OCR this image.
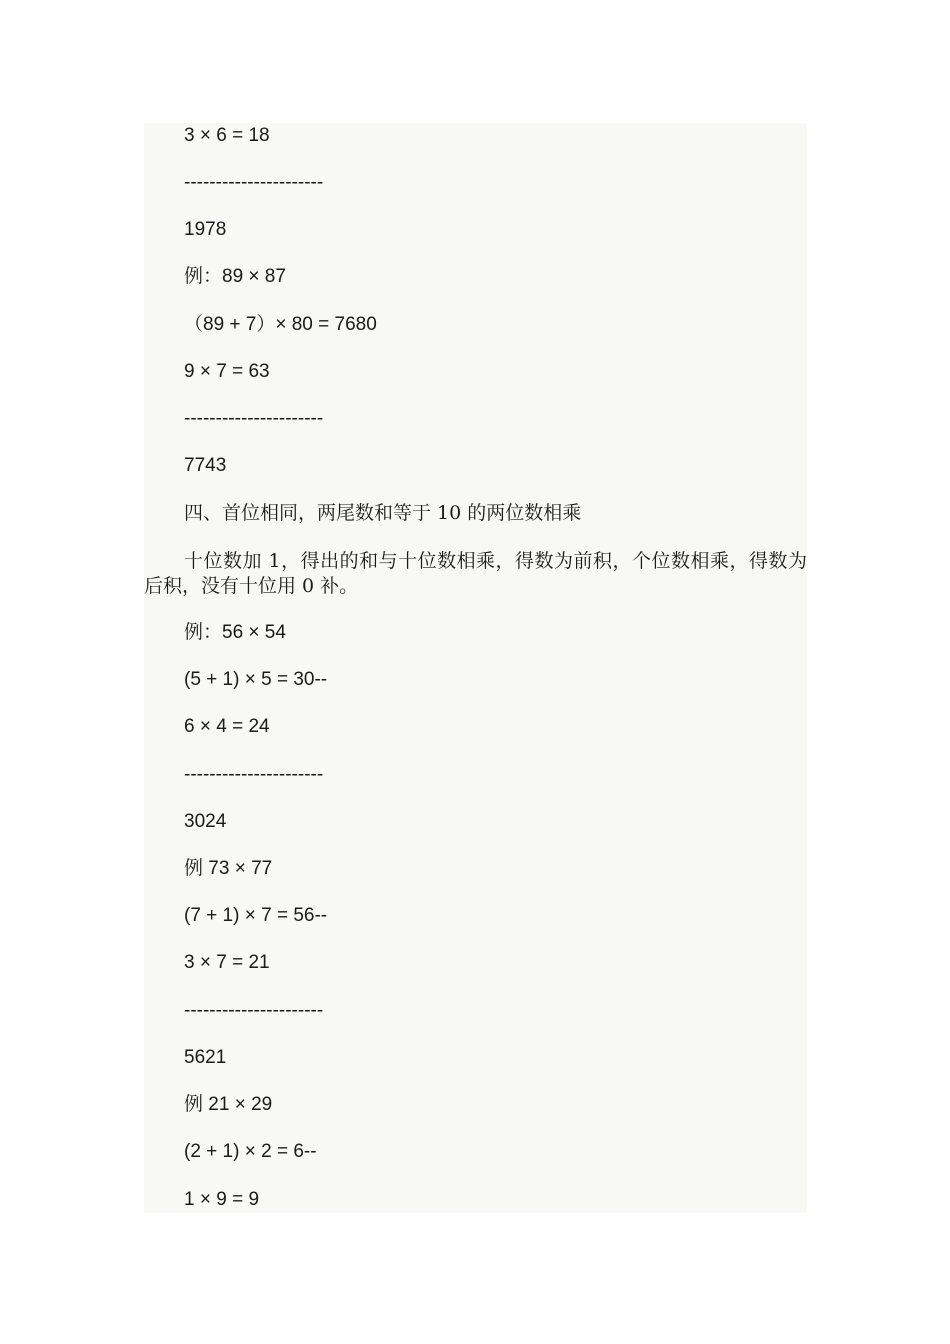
3 × 6 = 18

----------------------

1978

例：89 × 87

（89 + 7）× 80 = 7680

9 × 7 = 63

----------------------

7743

四、首位相同，两尾数和等于 10 的两位数相乘

十位数加 1，得出的和与十位数相乘，得数为前积，个位数相乘，得数为后积，没有十位用 0 补。

例：56 × 54

(5 + 1) × 5 = 30--

6 × 4 = 24

----------------------

3024

例 73 × 77

(7 + 1) × 7 = 56--

3 × 7 = 21

----------------------

5621

例 21 × 29

(2 + 1) × 2 = 6--

1 × 9 = 9
